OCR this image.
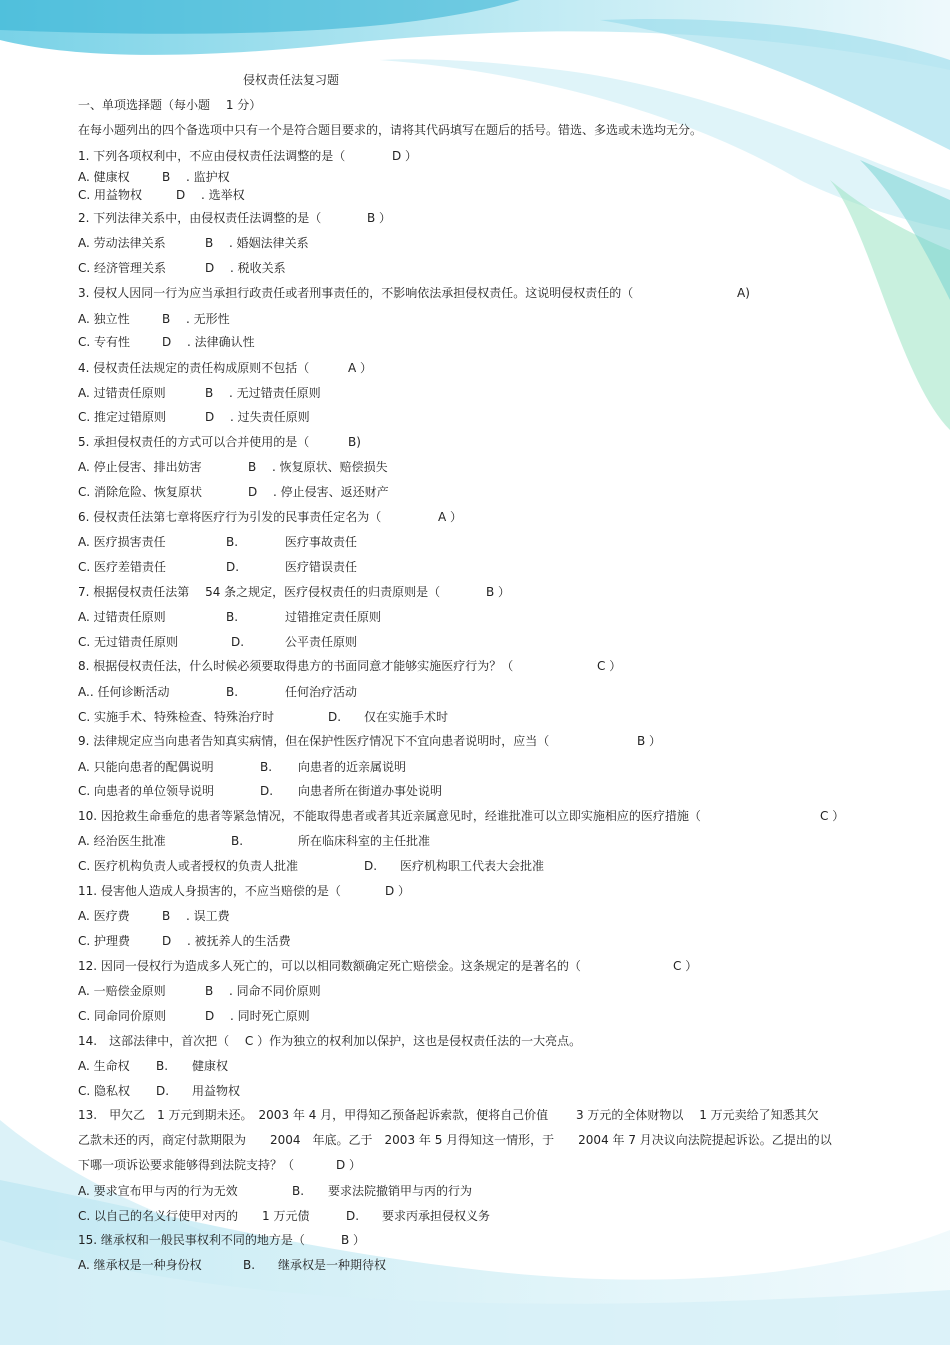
侵权责任法复习题
一、单项选择题（每小题　 1 分）
在每小题列出的四个备选项中只有一个是符合题目要求的，请将其代码填写在题后的括号。错选、多选或未选均无分。
1. 下列各项权利中，不应由侵权责任法调整的是（	D ）
A. 健康权	B　 . 监护权
C. 用益物权	D　 . 选举权
2. 下列法律关系中，由侵权责任法调整的是（	B ）
A. 劳动法律关系	B　 . 婚姻法律关系
C. 经济管理关系	D　 . 税收关系
3. 侵权人因同一行为应当承担行政责任或者刑事责任的，不影响依法承担侵权责任。这说明侵权责任的（	A)
A. 独立性	B　 . 无形性
C. 专有性	D　 . 法律确认性
4. 侵权责任法规定的责任构成原则不包括（	A ）
A. 过错责任原则	B　 . 无过错责任原则
C. 推定过错原则	D　 . 过失责任原则
5. 承担侵权责任的方式可以合并使用的是（	B)
A. 停止侵害、排出妨害	B　 . 恢复原状、赔偿损失
C. 消除危险、恢复原状	D　 . 停止侵害、返还财产
6. 侵权责任法第七章将医疗行为引发的民事责任定名为（	A ）
A. 医疗损害责任	B.	医疗事故责任
C. 医疗差错责任	D.	医疗错误责任
7. 根据侵权责任法第　 54 条之规定，医疗侵权责任的归责原则是（	B ）
A. 过错责任原则	B.	过错推定责任原则
C. 无过错责任原则	D.	公平责任原则
8. 根据侵权责任法，什么时候必须要取得患方的书面同意才能够实施医疗行为？（	C ）
A.. 任何诊断活动	B.	任何治疗活动
C. 实施手术、特殊检查、特殊治疗时	D. 仅在实施手术时
9. 法律规定应当向患者告知真实病情，但在保护性医疗情况下不宜向患者说明时，应当（	B ）
A. 只能向患者的配偶说明	B. 向患者的近亲属说明
C. 向患者的单位领导说明	D. 向患者所在街道办事处说明
10. 因抢救生命垂危的患者等紧急情况，不能取得患者或者其近亲属意见时，经谁批准可以立即实施相应的医疗措施（	C ）
A. 经治医生批准	B.	所在临床科室的主任批准
C. 医疗机构负责人或者授权的负责人批准	D. 医疗机构职工代表大会批准
11. 侵害他人造成人身损害的，不应当赔偿的是（	D ）
A. 医疗费	B　 . 误工费
C. 护理费	D　 . 被抚养人的生活费
12. 因同一侵权行为造成多人死亡的，可以以相同数额确定死亡赔偿金。这条规定的是著名的（	C ）
A. 一赔偿金原则	B　 . 同命不同价原则
C. 同命同价原则	D　 . 同时死亡原则
14.　这部法律中，首次把（　 C ）作为独立的权利加以保护，这也是侵权责任法的一大亮点。
A. 生命权 B. 健康权
C. 隐私权 D. 用益物权
13.　甲欠乙　1 万元到期未还。　2003 年 4 月，甲得知乙预备起诉索款，便将自己价值　　 3 万元的全体财物以　 1 万元卖给了知悉其欠
乙款未还的丙，商定付款期限为　　2004　年底。乙于　2003 年 5 月得知这一情形，于　　2004 年 7 月决议向法院提起诉讼。乙提出的以
下哪一项诉讼要求能够得到法院支持？（	D ）
A. 要求宣布甲与丙的行为无效	B. 要求法院撤销甲与丙的行为
C. 以自己的名义行使甲对丙的　　1 万元债	D. 要求丙承担侵权义务
15. 继承权和一般民事权利不同的地方是（	B ）
A. 继承权是一种身份权	B. 继承权是一种期待权
